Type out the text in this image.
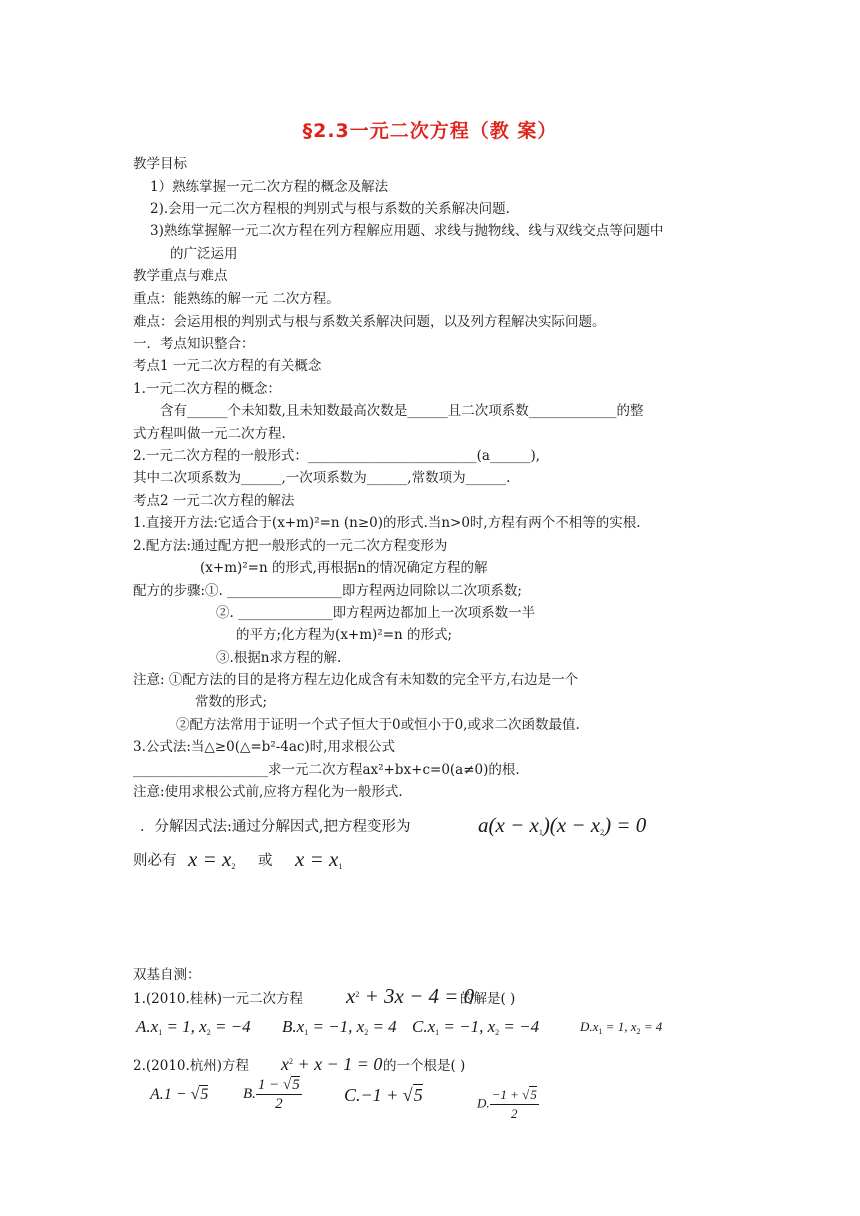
§2.3一元二次方程（教 案）
教学目标
1）熟练掌握一元二次方程的概念及解法
2).会用一元二次方程根的判别式与根与系数的关系解决问题.
3)熟练掌握解一元二次方程在列方程解应用题、求线与抛物线、线与双线交点等问题中
的广泛运用
教学重点与难点
重点：能熟练的解一元 二次方程。
难点：会运用根的判别式与根与系数关系解决问题，以及列方程解决实际问题。
一．考点知识整合：
考点1 一元二次方程的有关概念
1.一元二次方程的概念：
含有______个未知数,且未知数最高次数是______且二次项系数_____________的整
式方程叫做一元二次方程.
2.一元二次方程的一般形式：_________________________(a______),
其中二次项系数为______,一次项系数为______,常数项为______.
考点2 一元二次方程的解法
1.直接开方法:它适合于(x+m)²=n (n≥0)的形式.当n>0时,方程有两个不相等的实根.
2.配方法:通过配方把一般形式的一元二次方程变形为
(x+m)²=n 的形式,再根据n的情况确定方程的解
配方的步骤:①. _________________即方程两边同除以二次项系数;
②. ______________即方程两边都加上一次项系数一半
的平方;化方程为(x+m)²=n 的形式;
③.根据n求方程的解.
注意: ①配方法的目的是将方程左边化成含有未知数的完全平方,右边是一个
常数的形式;
②配方法常用于证明一个式子恒大于0或恒小于0,或求二次函数最值.
3.公式法:当△≥0(△=b²-4ac)时,用求根公式
____________________求一元二次方程ax²+bx+c=0(a≠0)的根.
注意:使用求根公式前,应将方程化为一般形式.
．分解因式法:通过分解因式,把方程变形为	$a(x - x_1)(x - x_2) = 0$
则必有 $x = x_2$ 或 $x = x_1$
双基自测：
1.(2010.桂林)一元二次方程 $x^2 + 3x - 4 = 0$
的解是( )
$A.x_1 = 1$, $x_2 = -4$ $B.x_1 = -1$, $x_2 = 4$ $C.x_1 = -1$, $x_2 = -4$	$D.x_1 = 1$, $x_2 = 4$
2.(2010.杭州)方程 $x^2 + x - 1 = 0$ 的一个根是( )
A.1 − √5 B. $\frac{1 - √5}{2} C.-1 + √5$	D. $\frac{-1 + √5}{2}$
